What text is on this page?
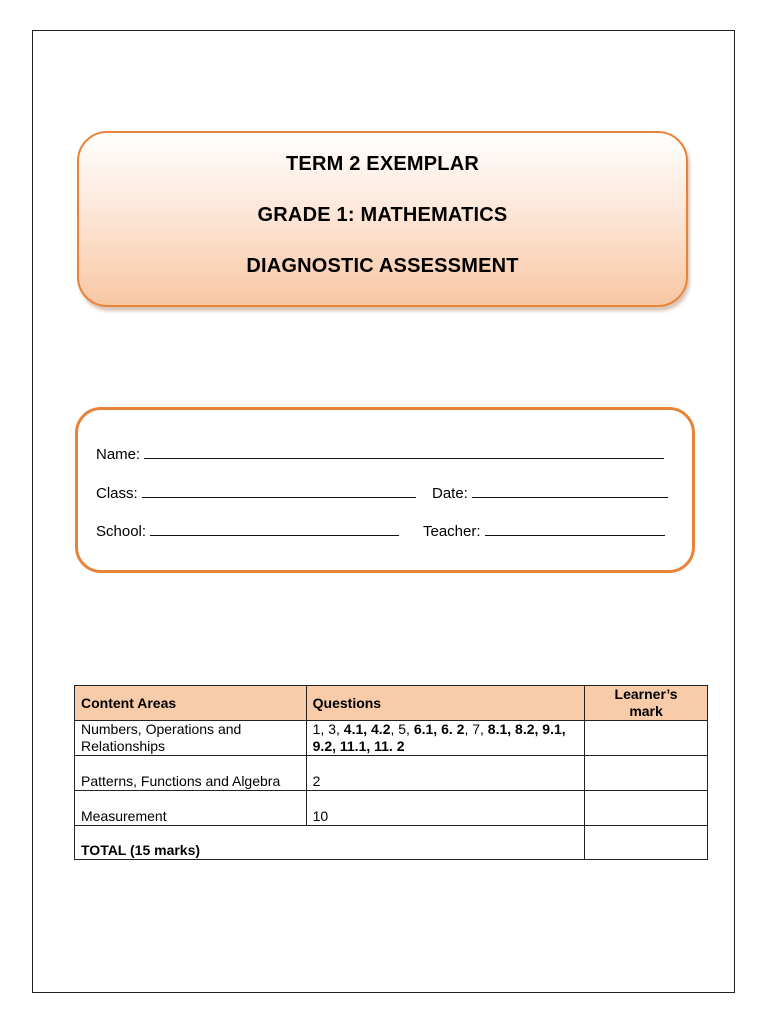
TERM 2 EXEMPLAR
GRADE 1: MATHEMATICS
DIAGNOSTIC ASSESSMENT
Name:
Class:	Date:
School:	Teacher:
Content Areas	Questions	Learner’s
mark
Numbers, Operations and Relationships	1, 3, 4.1, 4.2, 5, 6.1, 6. 2, 7, 8.1, 8.2, 9.1, 9.2, 11.1, 11. 2	
Patterns, Functions and Algebra	2	
Measurement	10	
TOTAL (15 marks)		
